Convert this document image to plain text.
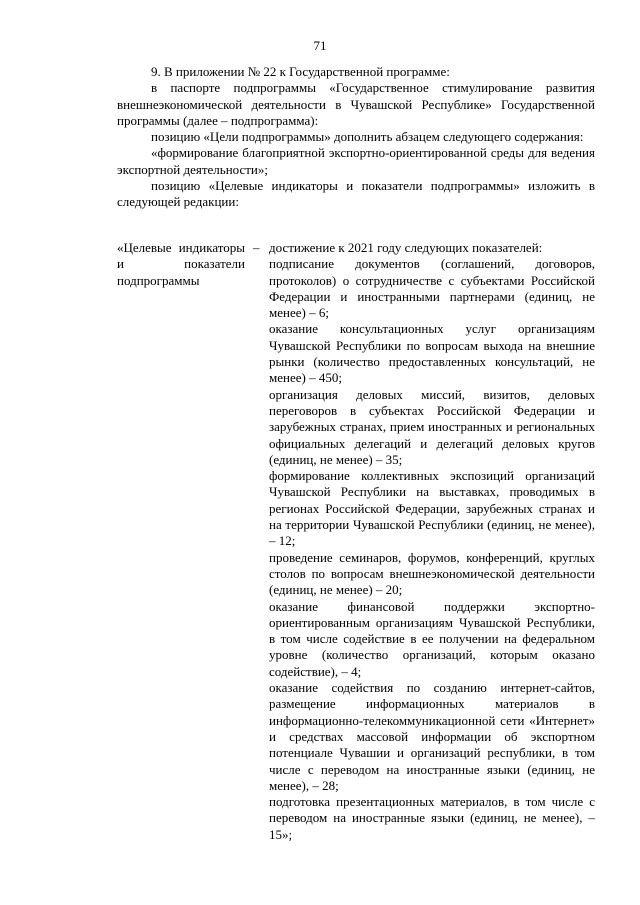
71

9. В приложении № 22 к Государственной программе:

в паспорте подпрограммы «Государственное стимулирование развития внешнеэкономической деятельности в Чувашской Республике» Государственной программы (далее – подпрограмма):

позицию «Цели подпрограммы» дополнить абзацем следующего содержания:

«формирование благоприятной экспортно-ориентированной среды для ведения экспортной деятельности»;

позицию «Целевые индикаторы и показатели подпрограммы» изложить в следующей редакции:

«Целевые индикаторы и показатели подпрограммы
– достижение к 2021 году следующих показателей:

подписание документов (соглашений, договоров, протоколов) о сотрудничестве с субъектами Российской Федерации и иностранными партнерами (единиц, не менее) – 6;

оказание консультационных услуг организациям Чувашской Республики по вопросам выхода на внешние рынки (количество предоставленных консультаций, не менее) – 450;

организация деловых миссий, визитов, деловых переговоров в субъектах Российской Федерации и зарубежных странах, прием иностранных и региональных официальных делегаций и делегаций деловых кругов (единиц, не менее) – 35;

формирование коллективных экспозиций организаций Чувашской Республики на выставках, проводимых в регионах Российской Федерации, зарубежных странах и на территории Чувашской Республики (единиц, не менее), – 12;

проведение семинаров, форумов, конференций, круглых столов по вопросам внешнеэкономической деятельности (единиц, не менее) – 20;

оказание финансовой поддержки экспортно-ориентированным организациям Чувашской Республики, в том числе содействие в ее получении на федеральном уровне (количество организаций, которым оказано содействие), – 4;

оказание содействия по созданию интернет-сайтов, размещение информационных материалов в информационно-телекоммуникационной сети «Интернет» и средствах массовой информации об экспортном потенциале Чувашии и организаций республики, в том числе с переводом на иностранные языки (единиц, не менее), – 28;

подготовка презентационных материалов, в том числе с переводом на иностранные языки (единиц, не менее), – 15»;
